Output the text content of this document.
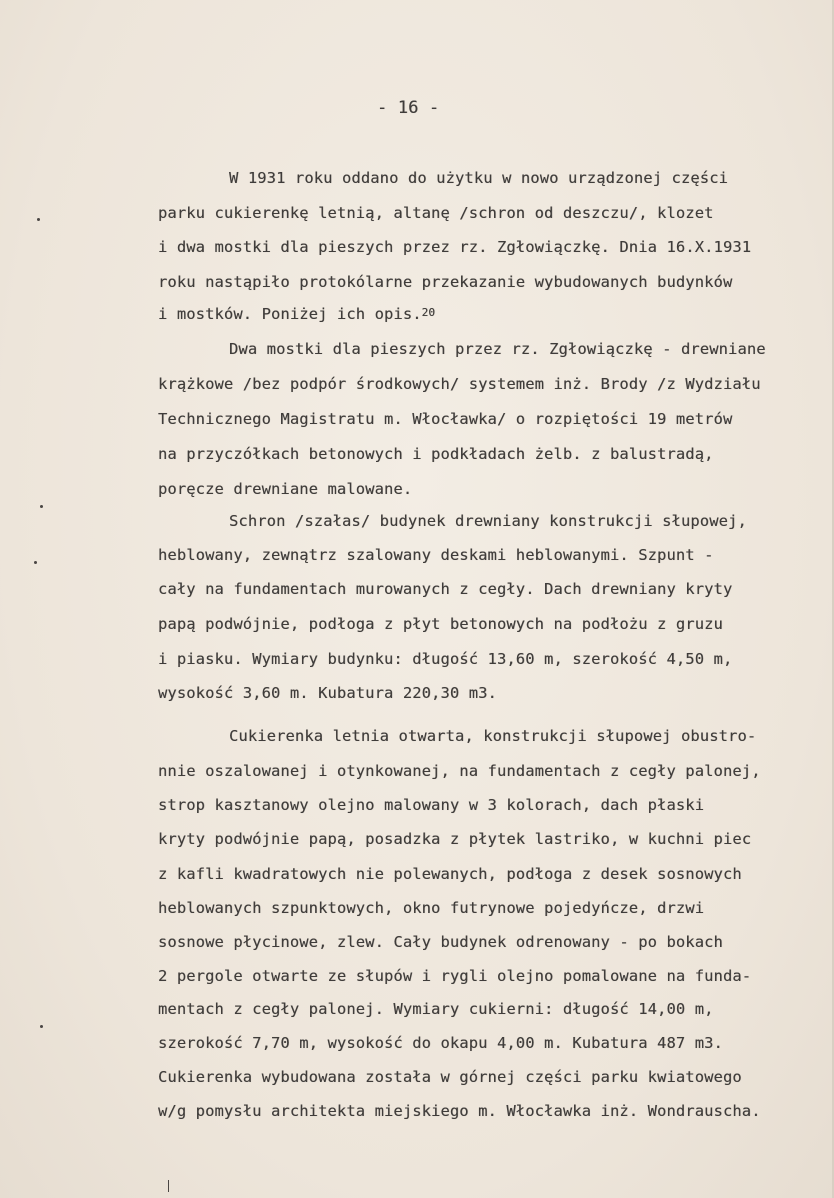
- 16 -
W 1931 roku oddano do użytku w nowo urządzonej części
parku cukierenkę letnią, altanę /schron od deszczu/, klozet
i dwa mostki dla pieszych przez rz. Zgłowiączkę. Dnia 16.X.1931
roku nastąpiło protokólarne przekazanie wybudowanych budynków
i mostków. Poniżej ich opis.$^{20}$
Dwa mostki dla pieszych przez rz. Zgłowiączkę - drewniane
krążkowe /bez podpór środkowych/ systemem inż. Brody /z Wydziału
Technicznego Magistratu m. Włocławka/ o rozpiętości 19 metrów
na przyczółkach betonowych i podkładach żelb. z balustradą,
poręcze drewniane malowane.
Schron /szałas/ budynek drewniany konstrukcji słupowej,
heblowany, zewnątrz szalowany deskami heblowanymi. Szpunt -
cały na fundamentach murowanych z cegły. Dach drewniany kryty
papą podwójnie, podłoga z płyt betonowych na podłożu z gruzu
i piasku. Wymiary budynku: długość 13,60 m, szerokość 4,50 m,
wysokość 3,60 m. Kubatura 220,30 m3.
Cukierenka letnia otwarta, konstrukcji słupowej obustro-
nnie oszalowanej i otynkowanej, na fundamentach z cegły palonej,
strop kasztanowy olejno malowany w 3 kolorach, dach płaski
kryty podwójnie papą, posadzka z płytek lastriko, w kuchni piec
z kafli kwadratowych nie polewanych, podłoga z desek sosnowych
heblowanych szpunktowych, okno futrynowe pojedyńcze, drzwi
sosnowe płycinowe, zlew. Cały budynek odrenowany - po bokach
2 pergole otwarte ze słupów i rygli olejno pomalowane na funda-
mentach z cegły palonej. Wymiary cukierni: długość 14,00 m,
szerokość 7,70 m, wysokość do okapu 4,00 m. Kubatura 487 m3.
Cukierenka wybudowana została w górnej części parku kwiatowego
w/g pomysłu architekta miejskiego m. Włocławka inż. Wondrauscha.
